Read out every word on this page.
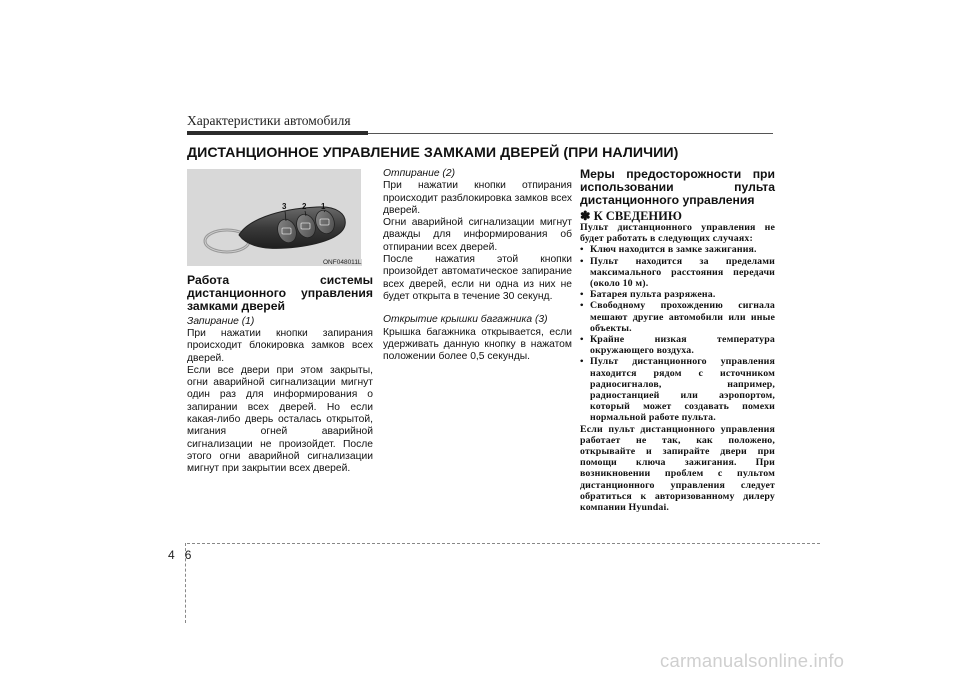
Характеристики автомобиля
ДИСТАНЦИОННОЕ УПРАВЛЕНИЕ ЗАМКАМИ ДВЕРЕЙ (ПРИ НАЛИЧИИ)
3 2 1
ONF048011L

Работа системы дистанционного управления замками дверей

Запирание (1)

При нажатии кнопки запирания происходит блокировка замков всех дверей.

Если все двери при этом закрыты, огни аварийной сигнализации мигнут один раз для информирования о запирании всех дверей. Но если какая-либо дверь осталась открытой, мигания огней аварийной сигнализации не произойдет. После этого огни аварийной сигнализации мигнут при закрытии всех дверей.

Отпирание (2)

При нажатии кнопки отпирания происходит разблокировка замков всех дверей.

Огни аварийной сигнализации мигнут дважды для информирования об отпирании всех дверей.

После нажатия этой кнопки произойдет автоматическое запирание всех дверей, если ни одна из них не будет открыта в течение 30 секунд.

Открытие крышки багажника (3)

Крышка багажника открывается, если удерживать данную кнопку в нажатом положении более 0,5 секунды.

Меры предосторожности при использовании пульта дистанционного управления

✽ К СВЕДЕНИЮ

Пульт дистанционного управления не будет работать в следующих случаях:

• Ключ находится в замке зажигания.
• Пульт находится за пределами максимального расстояния передачи (около 10 м).
• Батарея пульта разряжена.
• Свободному прохождению сигнала мешают другие автомобили или иные объекты.
• Крайне низкая температура окружающего воздуха.
• Пульт дистанционного управления находится рядом с источником радиосигналов, например, радиостанцией или аэропортом, который может создавать помехи нормальной работе пульта.

Если пульт дистанционного управления работает не так, как положено, открывайте и запирайте двери при помощи ключа зажигания. При возникновении проблем с пультом дистанционного управления следует обратиться к авторизованному дилеру компании Hyundai.

4 6
carmanualsonline.info
